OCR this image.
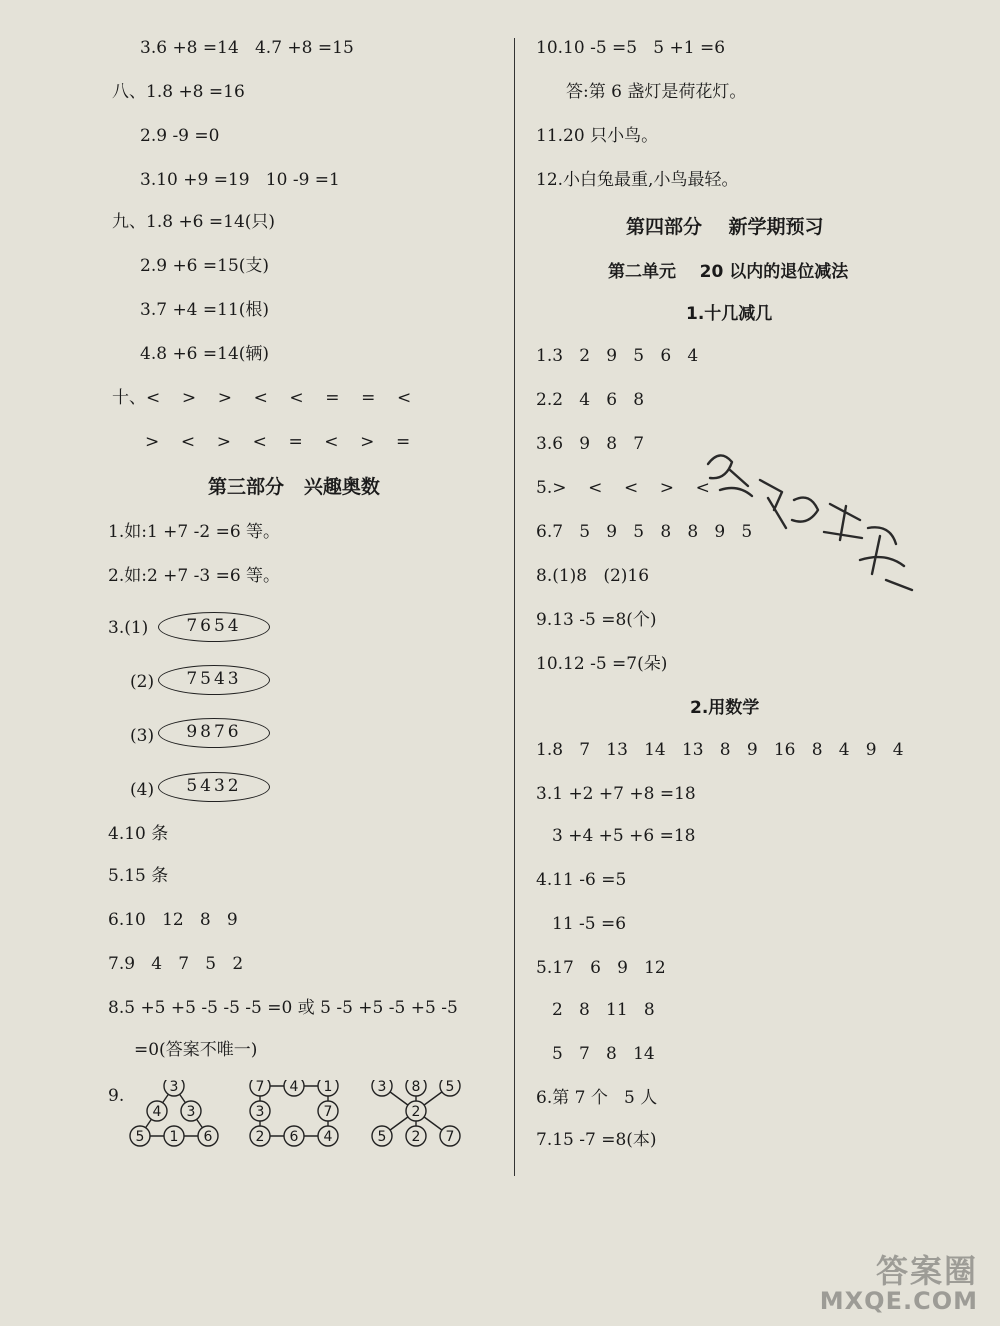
3.6 +8 =14   4.7 +8 =15
八、1.8 +8 =16
2.9 -9 =0
3.10 +9 =19   10 -9 =1
九、1.8 +6 =14(只)
2.9 +6 =15(支)
3.7 +4 =11(根)
4.8 +6 =14(辆)
十、<    >    >    <    <    =    =    <
>    <    >    <    =    <    >    =
第三部分   兴趣奥数
1.如:1 +7 -2 =6 等。
2.如:2 +7 -3 =6 等。
3.(1)	7654
(2)	7543
(3)	9876
(4)	5432
4.10 条
5.15 条
6.10   12   8   9
7.9   4   7   5   2
8.5 +5 +5 -5 -5 -5 =0 或 5 -5 +5 -5 +5 -5
=0(答案不唯一)
9.	3
4 3
5 1 6
7 4 1
3	7
2 6 4
3 8 5
2
5 2 7
10.10 -5 =5   5 +1 =6
答:第 6 盏灯是荷花灯。
11.20 只小鸟。
12.小白兔最重,小鸟最轻。
第四部分    新学期预习
第二单元    20 以内的退位减法
1.十几减几
1.3   2   9   5   6   4
2.2   4   6   8
3.6   9   8   7
5.>    <    <    >    <
6.7   5   9   5   8   8   9   5
8.(1)8   (2)16
9.13 -5 =8(个)
10.12 -5 =7(朵)
2.用数学
1.8   7   13   14   13   8   9   16   8   4   9   4
3.1 +2 +7 +8 =18
3 +4 +5 +6 =18
4.11 -6 =5
11 -5 =6
5.17   6   9   12
2   8   11   8
5   7   8   14
6.第 7 个   5 人
7.15 -7 =8(本)
答案圈
MXQE.COM
